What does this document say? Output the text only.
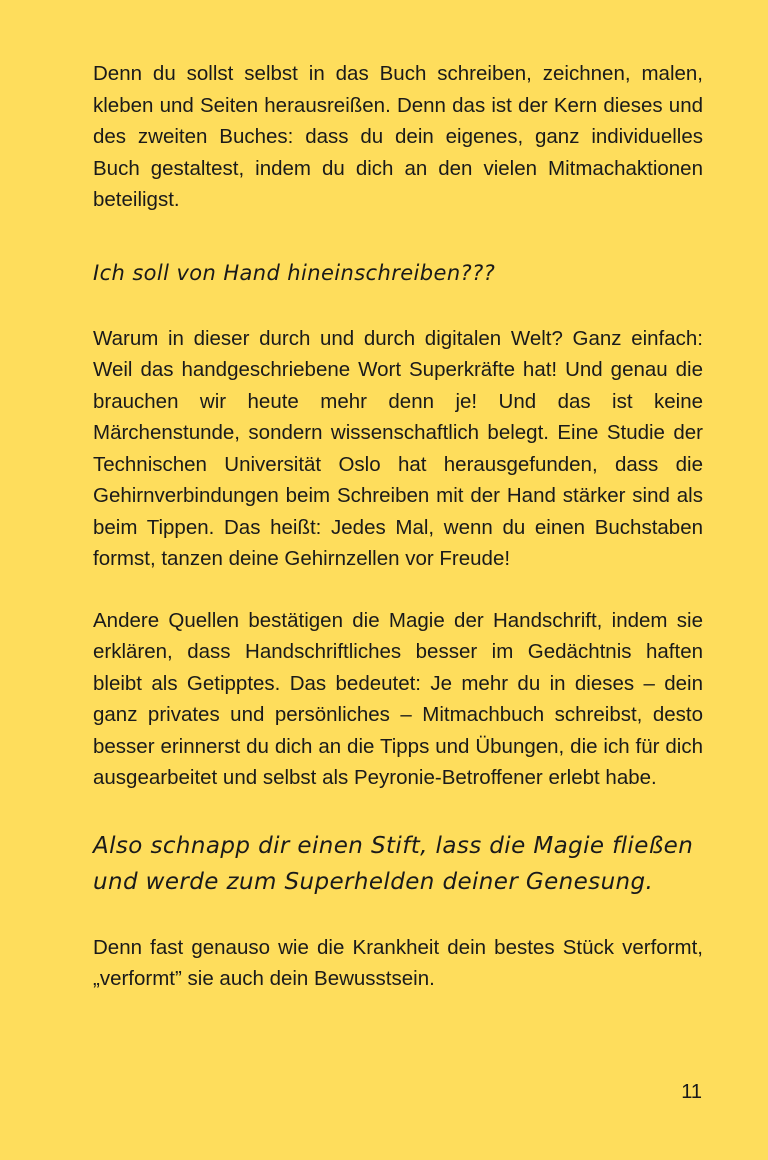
Denn du sollst selbst in das Buch schreiben, zeichnen, malen, kleben und Seiten herausreißen. Denn das ist der Kern dieses und des zweiten Buches: dass du dein eigenes, ganz individuelles Buch gestaltest, indem du dich an den vielen Mitmachaktionen beteiligst.

Ich soll von Hand hineinschreiben???

Warum in dieser durch und durch digitalen Welt? Ganz einfach: Weil das handgeschriebene Wort Superkräfte hat! Und genau die brauchen wir heute mehr denn je! Und das ist keine Märchenstunde, sondern wissenschaftlich belegt. Eine Studie der Technischen Universität Oslo hat herausgefunden, dass die Gehirnverbindungen beim Schreiben mit der Hand stärker sind als beim Tippen. Das heißt: Jedes Mal, wenn du einen Buchstaben formst, tanzen deine Gehirnzellen vor Freude!

Andere Quellen bestätigen die Magie der Handschrift, indem sie erklären, dass Handschriftliches besser im Gedächtnis haften bleibt als Getipptes. Das bedeutet: Je mehr du in dieses – dein ganz privates und persönliches – Mitmachbuch schreibst, desto besser erinnerst du dich an die Tipps und Übungen, die ich für dich ausgearbeitet und selbst als Peyronie-Betroffener erlebt habe.

Also schnapp dir einen Stift, lass die Magie fließen und werde zum Superhelden deiner Genesung.

Denn fast genauso wie die Krankheit dein bestes Stück verformt, „verformt” sie auch dein Bewusstsein.

11
